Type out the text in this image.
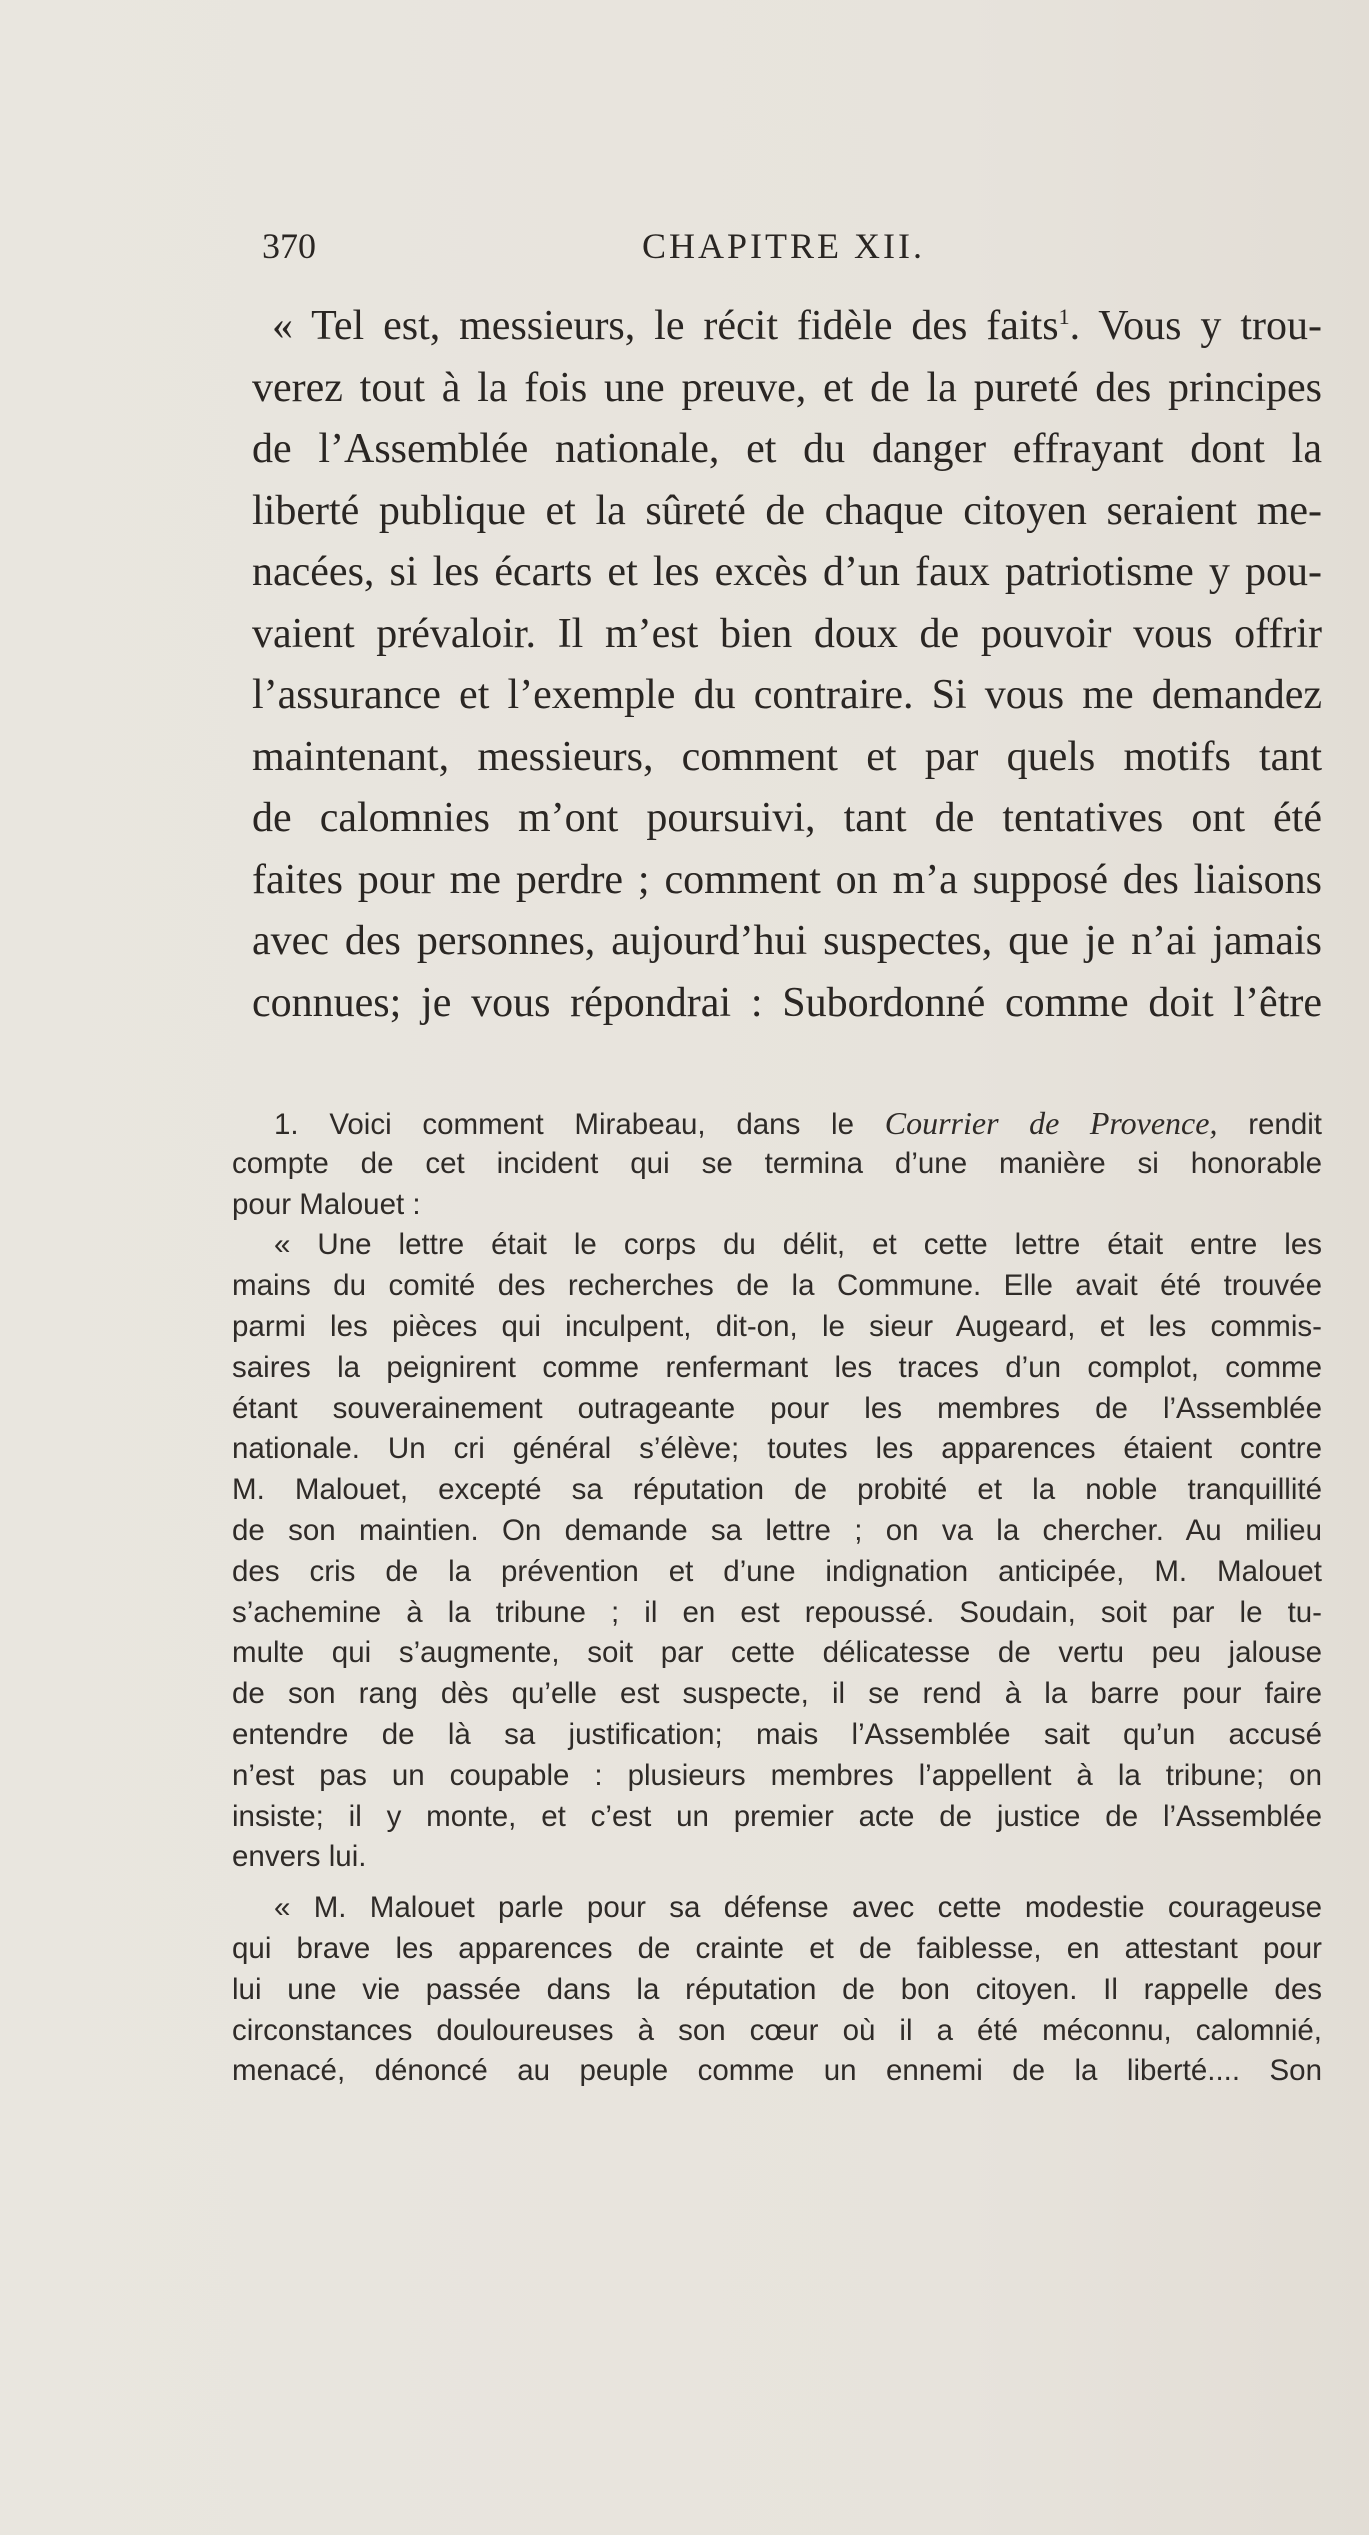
370	CHAPITRE XII.
« Tel est, messieurs, le récit fidèle des faits$^1$. Vous y trou-
verez tout à la fois une preuve, et de la pureté des principes
de l’Assemblée nationale, et du danger effrayant dont la
liberté publique et la sûreté de chaque citoyen seraient me-
nacées, si les écarts et les excès d’un faux patriotisme y pou-
vaient prévaloir. Il m’est bien doux de pouvoir vous offrir
l’assurance et l’exemple du contraire. Si vous me demandez
maintenant, messieurs, comment et par quels motifs tant
de calomnies m’ont poursuivi, tant de tentatives ont été
faites pour me perdre ; comment on m’a supposé des liaisons
avec des personnes, aujourd’hui suspectes, que je n’ai jamais
connues; je vous répondrai : Subordonné comme doit l’être
1. Voici comment Mirabeau, dans le Courrier de Provence, rendit
compte de cet incident qui se termina d’une manière si honorable
pour Malouet :
« Une lettre était le corps du délit, et cette lettre était entre les
mains du comité des recherches de la Commune. Elle avait été trouvée
parmi les pièces qui inculpent, dit-on, le sieur Augeard, et les commis-
saires la peignirent comme renfermant les traces d’un complot, comme
étant souverainement outrageante pour les membres de l’Assemblée
nationale. Un cri général s’élève; toutes les apparences étaient contre
M. Malouet, excepté sa réputation de probité et la noble tranquillité
de son maintien. On demande sa lettre ; on va la chercher. Au milieu
des cris de la prévention et d’une indignation anticipée, M. Malouet
s’achemine à la tribune ; il en est repoussé. Soudain, soit par le tu-
multe qui s’augmente, soit par cette délicatesse de vertu peu jalouse
de son rang dès qu’elle est suspecte, il se rend à la barre pour faire
entendre de là sa justification; mais l’Assemblée sait qu’un accusé
n’est pas un coupable : plusieurs membres l’appellent à la tribune; on
insiste; il y monte, et c’est un premier acte de justice de l’Assemblée
envers lui.
« M. Malouet parle pour sa défense avec cette modestie courageuse
qui brave les apparences de crainte et de faiblesse, en attestant pour
lui une vie passée dans la réputation de bon citoyen. Il rappelle des
circonstances douloureuses à son cœur où il a été méconnu, calomnié,
menacé, dénoncé au peuple comme un ennemi de la liberté.... Son
